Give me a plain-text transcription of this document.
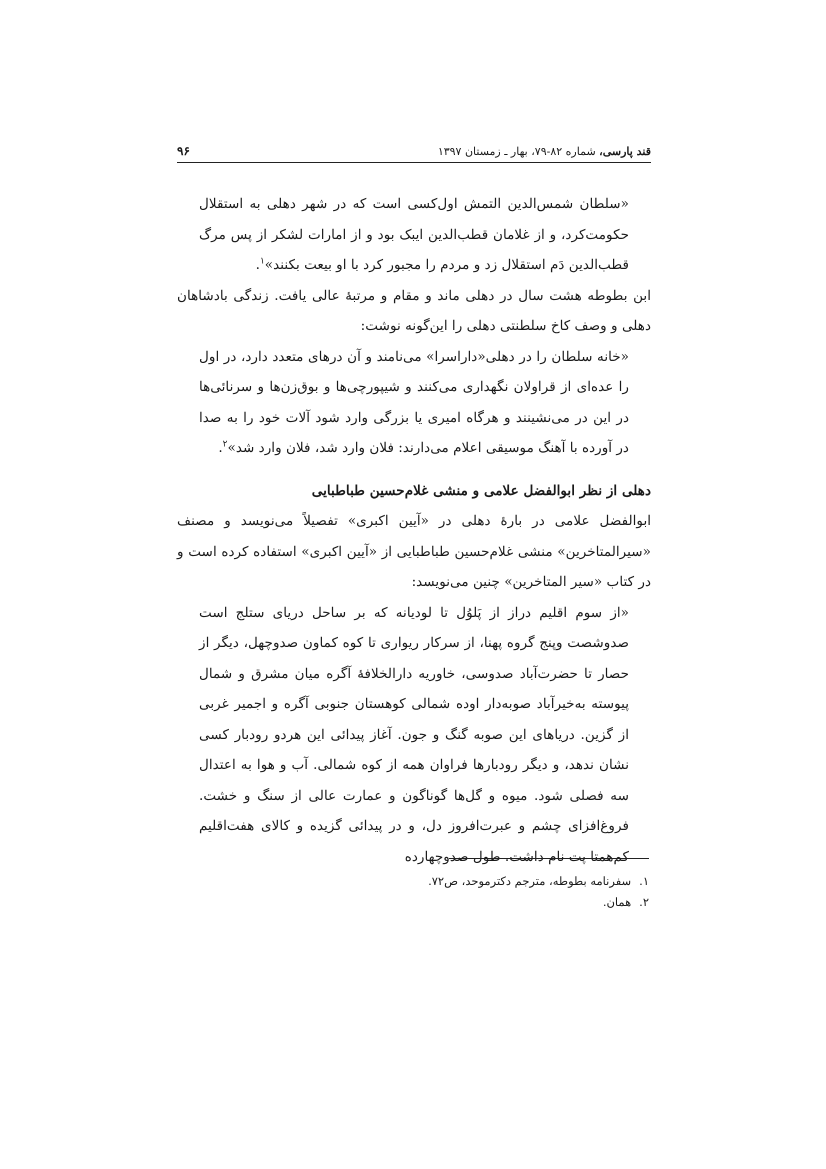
قند پارسی، شماره ۸۲-۷۹، بهار ـ زمستان ۱۳۹۷
۹۶

«سلطان شمس‌الدین التمش اول‌کسی است که در شهر دهلی به استقلال حکومت‌کرد، و از غلامان قطب‌الدین ایبک بود و از امارات لشکر از پس مرگ قطب‌الدین دَم استقلال زد و مردم را مجبور کرد با او بیعت بکنند»$^۱$.

ابن بطوطه هشت سال در دهلی ماند و مقام و مرتبهٔ عالی یافت. زندگی بادشاهان دهلی و وصف کاخ سلطنتی دهلی را این‌گونه نوشت:

«خانه سلطان را در دهلی«داراسرا» می‌نامند و آن درهای متعدد دارد، در اول را عده‌ای از قراولان نگهداری می‌کنند و شیپورچی‌ها و بوق‌زن‌ها و سرنائی‌ها در این در می‌نشینند و هرگاه امیری یا بزرگی وارد شود آلات خود را به صدا در آورده با آهنگ موسیقی اعلام می‌دارند: فلان وارد شد، فلان وارد شد»$^۲$.

دهلی از نظر ابوالفضل علامی و منشی غلام‌حسین طباطبایی

ابوالفضل علامی در بارهٔ دهلی در «آیین اکبری» تفصیلاً می‌نویسد و مصنف «سیرالمتاخرین» منشی غلام‌حسین طباطبایی از «آیین اکبری» استفاده کرده است و در کتاب «سیر المتاخرین» چنین می‌نویسد:

«از سوم اقلیم دراز از پَلوُل تا لودیانه که بر ساحل دریای ستلج است صدوشصت وپنج گروه پهنا، از سرکار ریواری تا کوه کماون صدوچهل، دیگر از حصار تا حضرت‌آباد صدوسی، خاوریه دارالخلافهٔ آگره میان مشرق و شمال پیوسته به‌خیرآباد صوبه‌دار اوده شمالی کوهستان جنوبی آگره و اجمیر غربی از گزین. دریاهای این صوبه گنگ و جون. آغاز پیدائی این هردو رودبار کسی نشان ندهد، و دیگر رودبارها فراوان همه از کوه شمالی. آب و هوا به اعتدال سه فصلی شود. میوه و گل‌ها گوناگون و عمارت عالی از سنگ و خشت. فروغ‌افزای چشم و عبرت‌افروز دل، و در پیدائی گزیده و کالای هفت‌اقلیم کم‌همتا پت نام داشت. طول صدوچهارده

۱.
سفرنامه بطوطه، مترجم دکترموحد، ص۷۲.
۲.
همان.
